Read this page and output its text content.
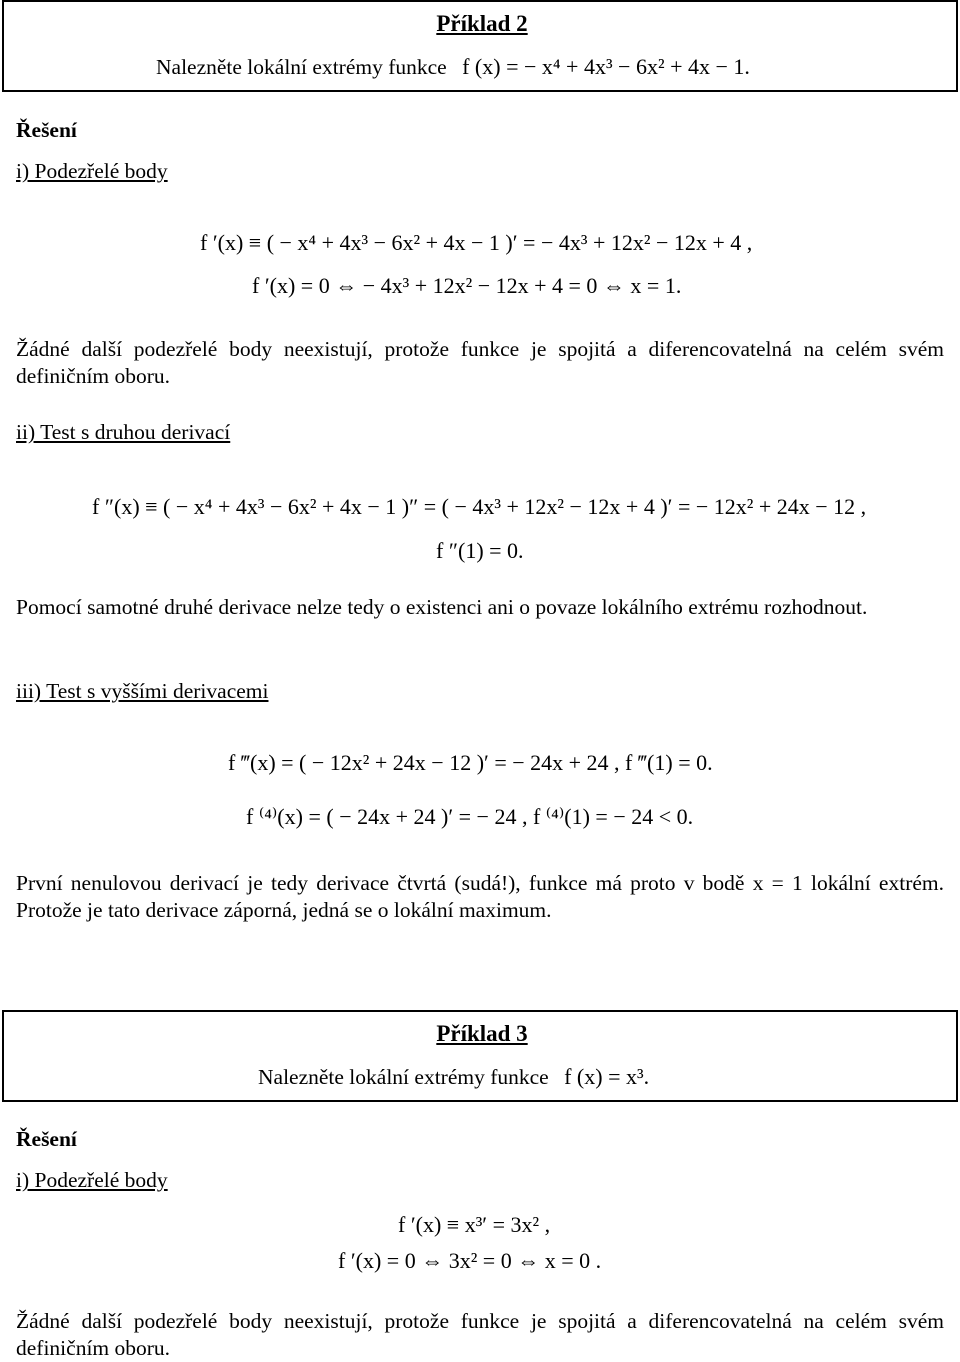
Příklad 2
Nalezněte lokální extrémy funkce f (x) = − x⁴ + 4x³ − 6x² + 4x − 1.
Řešení
i) Podezřelé body
f ′(x) ≡ ( − x⁴ + 4x³ − 6x² + 4x − 1 )′ = − 4x³ + 12x² − 12x + 4 ,
f ′(x) = 0 ⇔ − 4x³ + 12x² − 12x + 4 = 0 ⇔ x = 1.
Žádné další podezřelé body neexistují, protože funkce je spojitá a diferencovatelná na celém svém definičním oboru.
ii) Test s druhou derivací
f ″(x) ≡ ( − x⁴ + 4x³ − 6x² + 4x − 1 )″ = ( − 4x³ + 12x² − 12x + 4 )′ = − 12x² + 24x − 12 ,
f ″(1) = 0.
Pomocí samotné druhé derivace nelze tedy o existenci ani o povaze lokálního extrému rozhodnout.
iii) Test s vyššími derivacemi
f ‴(x) = ( − 12x² + 24x − 12 )′ = − 24x + 24 , f ‴(1) = 0.
f ⁽⁴⁾(x) = ( − 24x + 24 )′ = − 24 , f ⁽⁴⁾(1) = − 24 < 0.
První nenulovou derivací je tedy derivace čtvrtá (sudá!), funkce má proto v bodě x = 1 lokální extrém. Protože je tato derivace záporná, jedná se o lokální maximum.
Příklad 3
Nalezněte lokální extrémy funkce f (x) = x³.
Řešení
i) Podezřelé body
f ′(x) ≡ x³′ = 3x² ,
f ′(x) = 0 ⇔ 3x² = 0 ⇔ x = 0 .
Žádné další podezřelé body neexistují, protože funkce je spojitá a diferencovatelná na celém svém definičním oboru.
